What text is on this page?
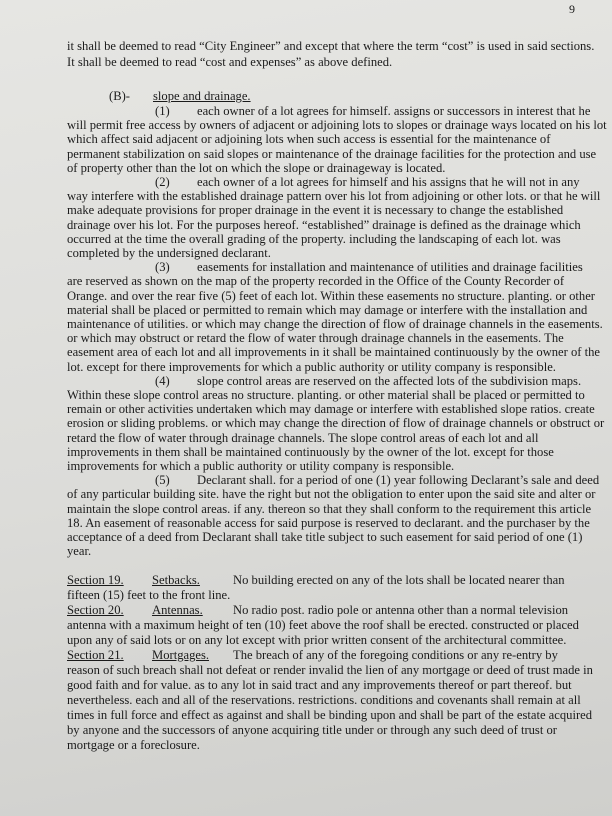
9
it shall be deemed to read “City Engineer” and except that where the term “cost” is used in said sections.
It shall be deemed to read “cost and expenses” as above defined.
(B)- slope and drainage.
(1) each owner of a lot agrees for himself. assigns or successors in interest that he
will permit free access by owners of adjacent or adjoining lots to slopes or drainage ways located on his lot
which affect said adjacent or adjoining lots when such access is essential for the maintenance of
permanent stabilization on said slopes or maintenance of the drainage facilities for the protection and use
of property other than the lot on which the slope or drainageway is located.
(2) each owner of a lot agrees for himself and his assigns that he will not in any
way interfere with the established drainage pattern over his lot from adjoining or other lots. or that he will
make adequate provisions for proper drainage in the event it is necessary to change the established
drainage over his lot. For the purposes hereof. “established” drainage is defined as the drainage which
occurred at the time the overall grading of the property. including the landscaping of each lot. was
completed by the undersigned declarant.
(3) easements for installation and maintenance of utilities and drainage facilities
are reserved as shown on the map of the property recorded in the Office of the County Recorder of
Orange. and over the rear five (5) feet of each lot. Within these easements no structure. planting. or other
material shall be placed or permitted to remain which may damage or interfere with the installation and
maintenance of utilities. or which may change the direction of flow of drainage channels in the easements.
or which may obstruct or retard the flow of water through drainage channels in the easements. The
easement area of each lot and all improvements in it shall be maintained continuously by the owner of the
lot. except for there improvements for which a public authority or utility company is responsible.
(4) slope control areas are reserved on the affected lots of the subdivision maps.
Within these slope control areas no structure. planting. or other material shall be placed or permitted to
remain or other activities undertaken which may damage or interfere with established slope ratios. create
erosion or sliding problems. or which may change the direction of flow of drainage channels or obstruct or
retard the flow of water through drainage channels. The slope control areas of each lot and all
improvements in them shall be maintained continuously by the owner of the lot. except for those
improvements for which a public authority or utility company is responsible.
(5) Declarant shall. for a period of one (1) year following Declarant’s sale and deed
of any particular building site. have the right but not the obligation to enter upon the said site and alter or
maintain the slope control areas. if any. thereon so that they shall conform to the requirement this article
18. An easement of reasonable access for said purpose is reserved to declarant. and the purchaser by the
acceptance of a deed from Declarant shall take title subject to such easement for said period of one (1)
year.
Section 19. Setbacks.	No building erected on any of the lots shall be located nearer than
fifteen (15) feet to the front line.
Section 20. Antennas. No radio post. radio pole or antenna other than a normal television
antenna with a maximum height of ten (10) feet above the roof shall be erected. constructed or placed
upon any of said lots or on any lot except with prior written consent of the architectural committee.
Section 21. Mortgages. The breach of any of the foregoing conditions or any re-entry by
reason of such breach shall not defeat or render invalid the lien of any mortgage or deed of trust made in
good faith and for value. as to any lot in said tract and any improvements thereof or part thereof. but
nevertheless. each and all of the reservations. restrictions. conditions and covenants shall remain at all
times in full force and effect as against and shall be binding upon and shall be part of the estate acquired
by anyone and the successors of anyone acquiring title under or through any such deed of trust or
mortgage or a foreclosure.
